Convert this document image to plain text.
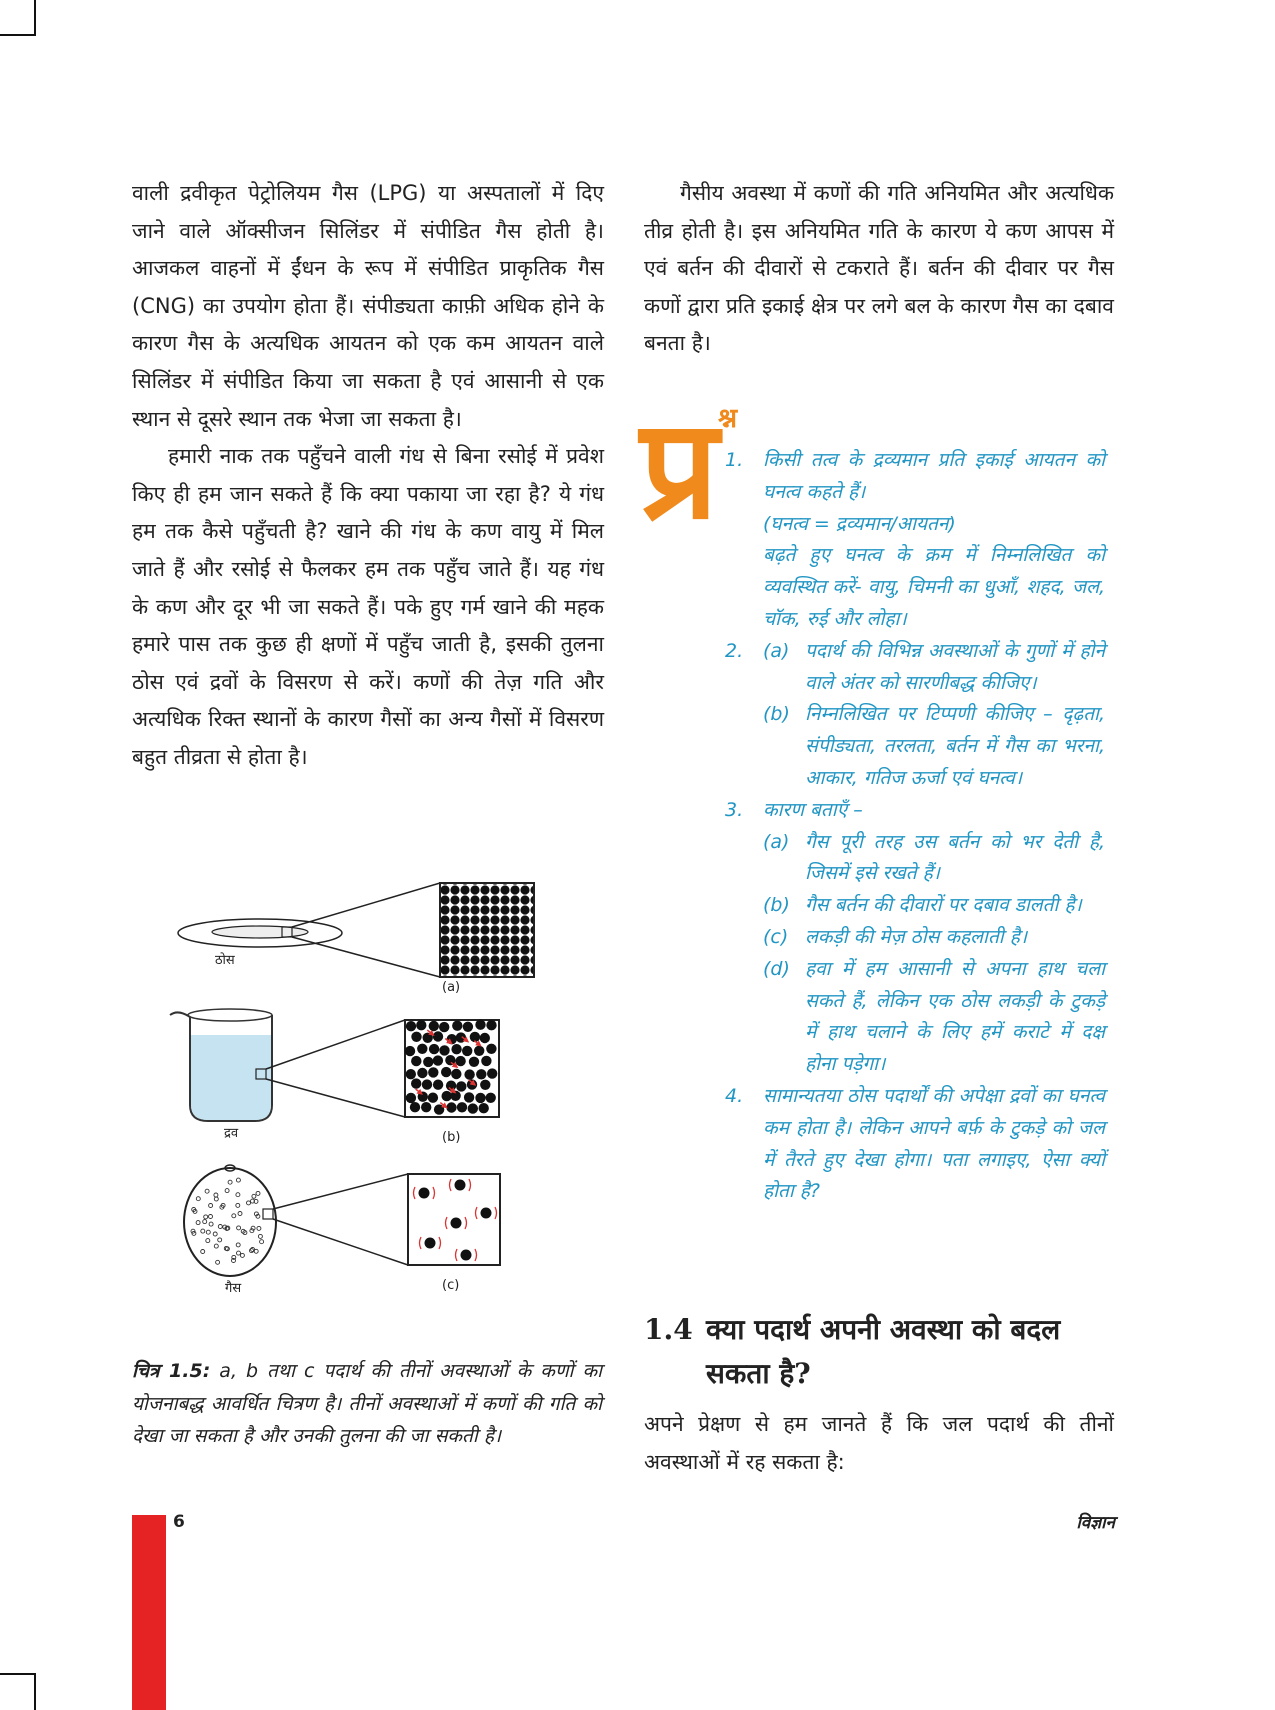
वाली द्रवीकृत पेट्रोलियम गैस (LPG) या अस्पतालों में दिए जाने वाले ऑक्सीजन सिलिंडर में संपीडित गैस होती है। आजकल वाहनों में ईंधन के रूप में संपीडित प्राकृतिक गैस (CNG) का उपयोग होता हैं। संपीड्यता काफ़ी अधिक होने के कारण गैस के अत्यधिक आयतन को एक कम आयतन वाले सिलिंडर में संपीडित किया जा सकता है एवं आसानी से एक स्थान से दूसरे स्थान तक भेजा जा सकता है।

हमारी नाक तक पहुँचने वाली गंध से बिना रसोई में प्रवेश किए ही हम जान सकते हैं कि क्या पकाया जा रहा है? ये गंध हम तक कैसे पहुँचती है? खाने की गंध के कण वायु में मिल जाते हैं और रसोई से फैलकर हम तक पहुँच जाते हैं। यह गंध के कण और दूर भी जा सकते हैं। पके हुए गर्म खाने की महक हमारे पास तक कुछ ही क्षणों में पहुँच जाती है, इसकी तुलना ठोस एवं द्रवों के विसरण से करें। कणों की तेज़ गति और अत्यधिक रिक्त स्थानों के कारण गैसों का अन्य गैसों में विसरण बहुत तीव्रता से होता है।

ठोस
(a)
द्रव	(b)
गैस	(c)
चित्र 1.5: a, b तथा c पदार्थ की तीनों अवस्थाओं के कणों का योजनाबद्ध आवर्धित चित्रण है। तीनों अवस्थाओं में कणों की गति को देखा जा सकता है और उनकी तुलना की जा सकती है।

गैसीय अवस्था में कणों की गति अनियमित और अत्यधिक तीव्र होती है। इस अनियमित गति के कारण ये कण आपस में एवं बर्तन की दीवारों से टकराते हैं। बर्तन की दीवार पर गैस कणों द्वारा प्रति इकाई क्षेत्र पर लगे बल के कारण गैस का दबाव बनता है।

प्र श्न
1.	किसी तत्व के द्रव्यमान प्रति इकाई आयतन को घनत्व कहते हैं।
(घनत्व = द्रव्यमान/आयतन)
बढ़ते हुए घनत्व के क्रम में निम्नलिखित को व्यवस्थित करें- वायु, चिमनी का धुआँ, शहद, जल, चॉक, रुई और लोहा।
2.	(a) पदार्थ की विभिन्न अवस्थाओं के गुणों में होने वाले अंतर को सारणीबद्ध कीजिए।
(b) निम्नलिखित पर टिप्पणी कीजिए – दृढ़ता, संपीड्यता, तरलता, बर्तन में गैस का भरना, आकार, गतिज ऊर्जा एवं घनत्व।
3.	कारण बताएँ –
(a) गैस पूरी तरह उस बर्तन को भर देती है, जिसमें इसे रखते हैं।
(b) गैस बर्तन की दीवारों पर दबाव डालती है।
(c) लकड़ी की मेज़ ठोस कहलाती है।
(d) हवा में हम आसानी से अपना हाथ चला सकते हैं, लेकिन एक ठोस लकड़ी के टुकड़े में हाथ चलाने के लिए हमें कराटे में दक्ष होना पड़ेगा।
4.	सामान्यतया ठोस पदार्थों की अपेक्षा द्रवों का घनत्व कम होता है। लेकिन आपने बर्फ़ के टुकड़े को जल में तैरते हुए देखा होगा। पता लगाइए, ऐसा क्यों होता है?
1.4 क्या पदार्थ अपनी अवस्था को बदल सकता है?
अपने प्रेक्षण से हम जानते हैं कि जल पदार्थ की तीनों अवस्थाओं में रह सकता है:
6	विज्ञान
